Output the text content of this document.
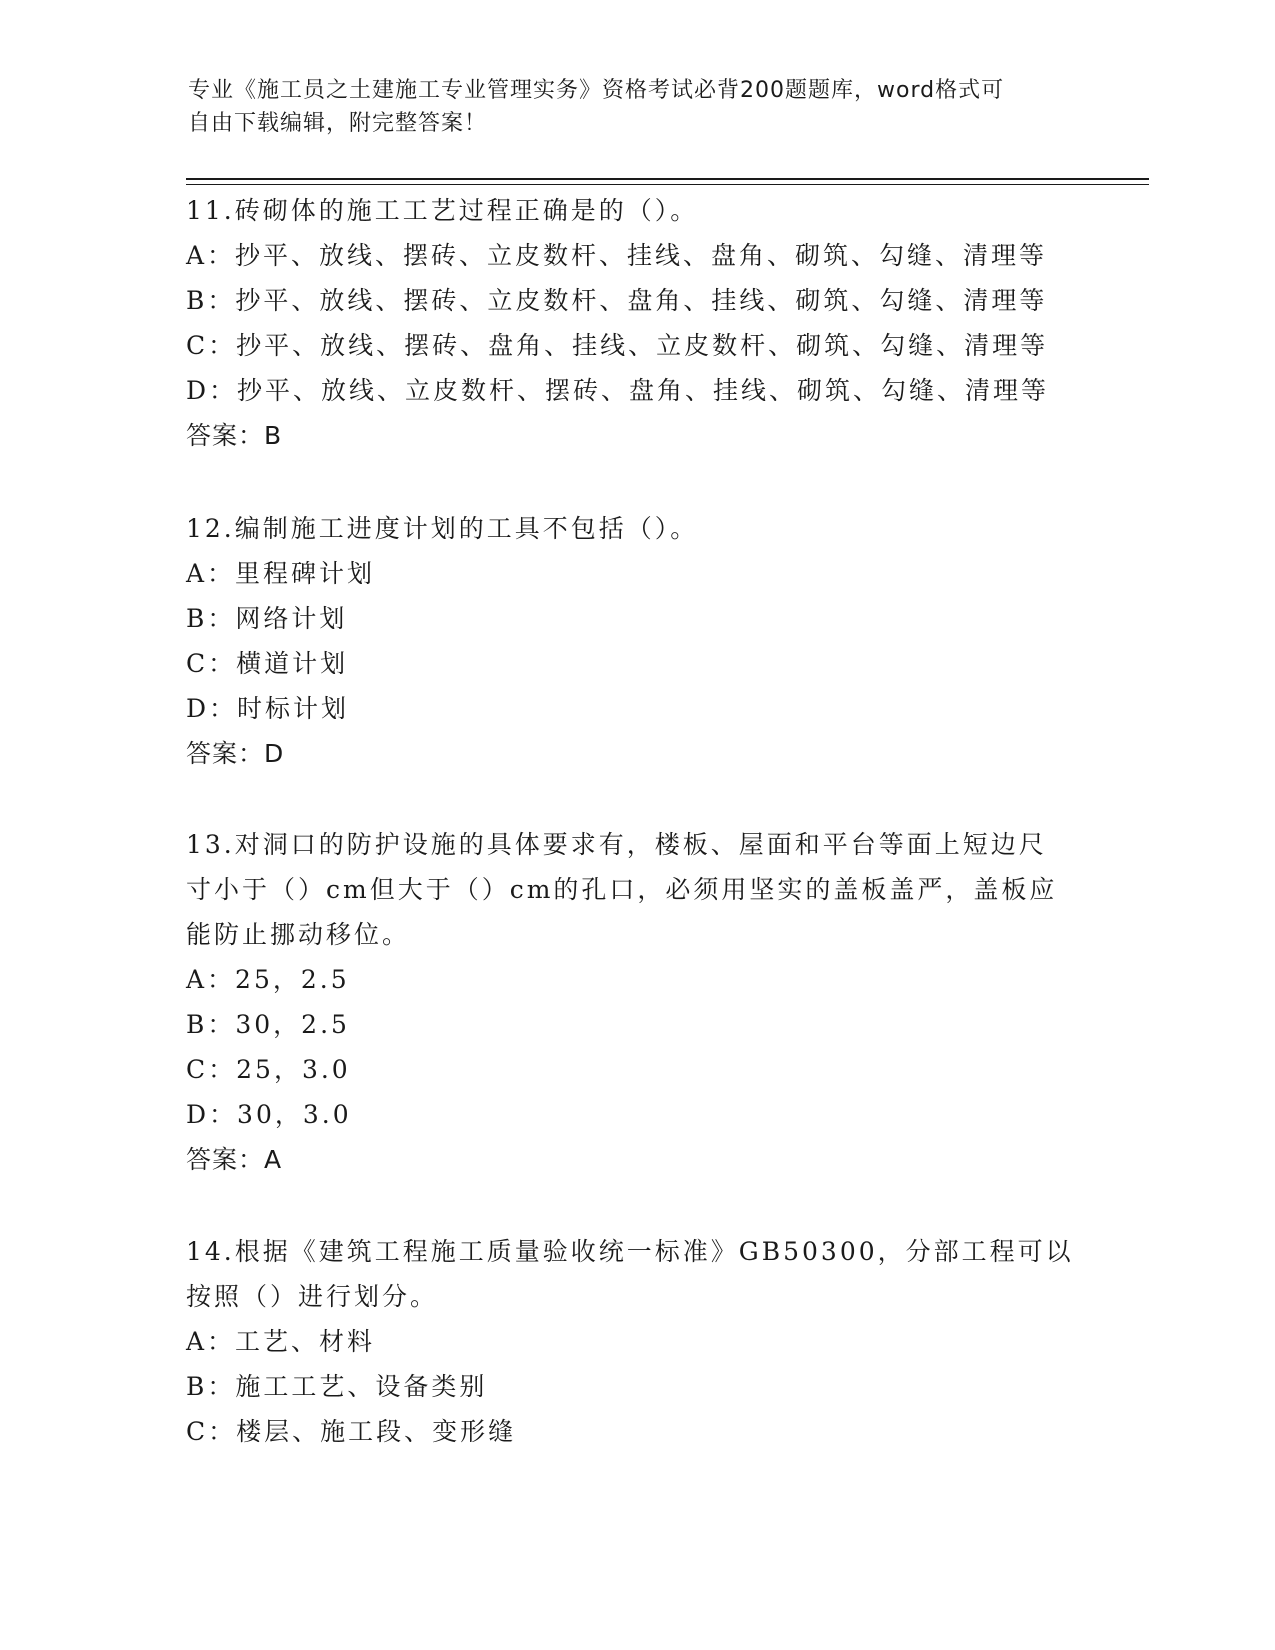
专业《施工员之土建施工专业管理实务》资格考试必背200题题库，word格式可
自由下载编辑，附完整答案！
11.砖砌体的施工工艺过程正确是的（）。
A：抄平、放线、摆砖、立皮数杆、挂线、盘角、砌筑、勾缝、清理等
B：抄平、放线、摆砖、立皮数杆、盘角、挂线、砌筑、勾缝、清理等
C：抄平、放线、摆砖、盘角、挂线、立皮数杆、砌筑、勾缝、清理等
D：抄平、放线、立皮数杆、摆砖、盘角、挂线、砌筑、勾缝、清理等
答案：B
12.编制施工进度计划的工具不包括（）。
A：里程碑计划
B：网络计划
C：横道计划
D：时标计划
答案：D
13.对洞口的防护设施的具体要求有，楼板、屋面和平台等面上短边尺
寸小于（）cm但大于（）cm的孔口，必须用坚实的盖板盖严，盖板应
能防止挪动移位。
A：25，2.5
B：30，2.5
C：25，3.0
D：30，3.0
答案：A
14.根据《建筑工程施工质量验收统一标准》GB50300，分部工程可以
按照（）进行划分。
A：工艺、材料
B：施工工艺、设备类别
C：楼层、施工段、变形缝
